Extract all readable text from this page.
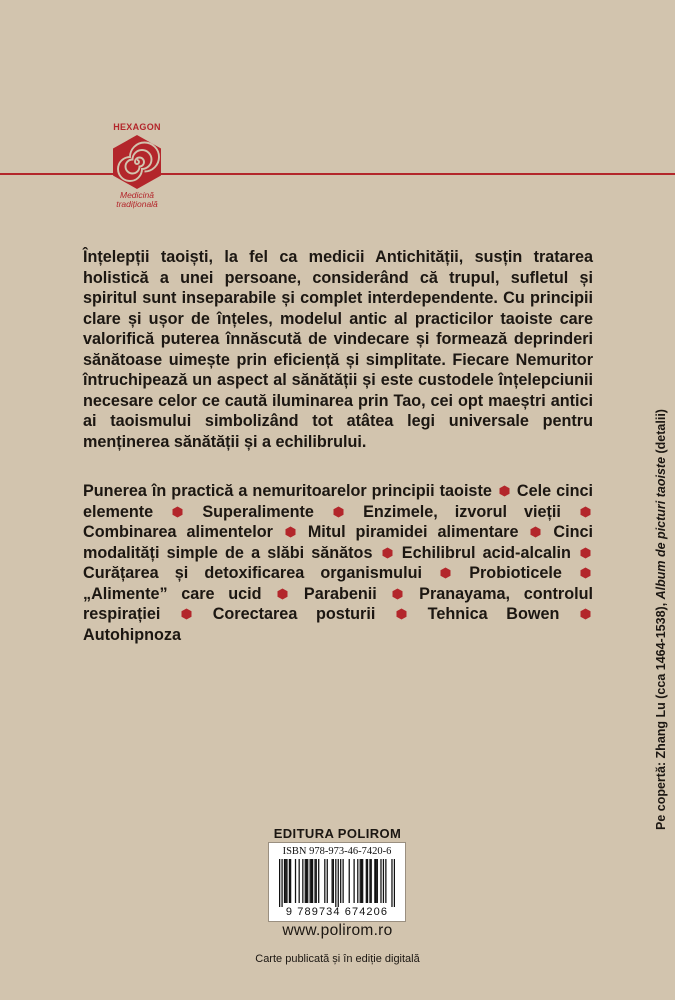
HEXAGON
Medicină
tradițională

Înțelepții taoiști, la fel ca medicii Antichității, susțin tratarea holistică a unei persoane, considerând că trupul, sufletul și spiritul sunt inseparabile și complet interdependente. Cu principii clare și ușor de înțeles, modelul antic al practicilor taoiste care valorifică puterea înnăscută de vindecare și formează deprinderi sănătoase uimește prin eficiență și simplitate. Fiecare Nemuritor întruchipează un aspect al sănătății și este custodele înțelepciunii necesare celor ce caută iluminarea prin Tao, cei opt maeștri antici ai taoismului simbolizând tot atâtea legi universale pentru menținerea sănătății și a echilibrului.

Punerea în practică a nemuritoarelor principii taoiste Cele cinci elemente	Superalimente	Enzimele, izvorul vieții  Combinarea alimentelor Mitul piramidei alimentare Cinci modalități simple de a slăbi sănătos Echilibrul acid-alcalin  Curățarea și detoxificarea organismului	Probioticele  „Alimente” care ucid	Parabenii	Pranayama, controlul respirației	Corectarea posturii	Tehnica Bowen  Autohipnoza	Pe copertă: Zhang Lu (cca 1464-1538), Album de picturi taoiste (detalii)

EDITURA POLIROM
ISBN 978-973-46-7420-6
9 789734 674206
www.polirom.ro
Carte publicată și în ediție digitală
